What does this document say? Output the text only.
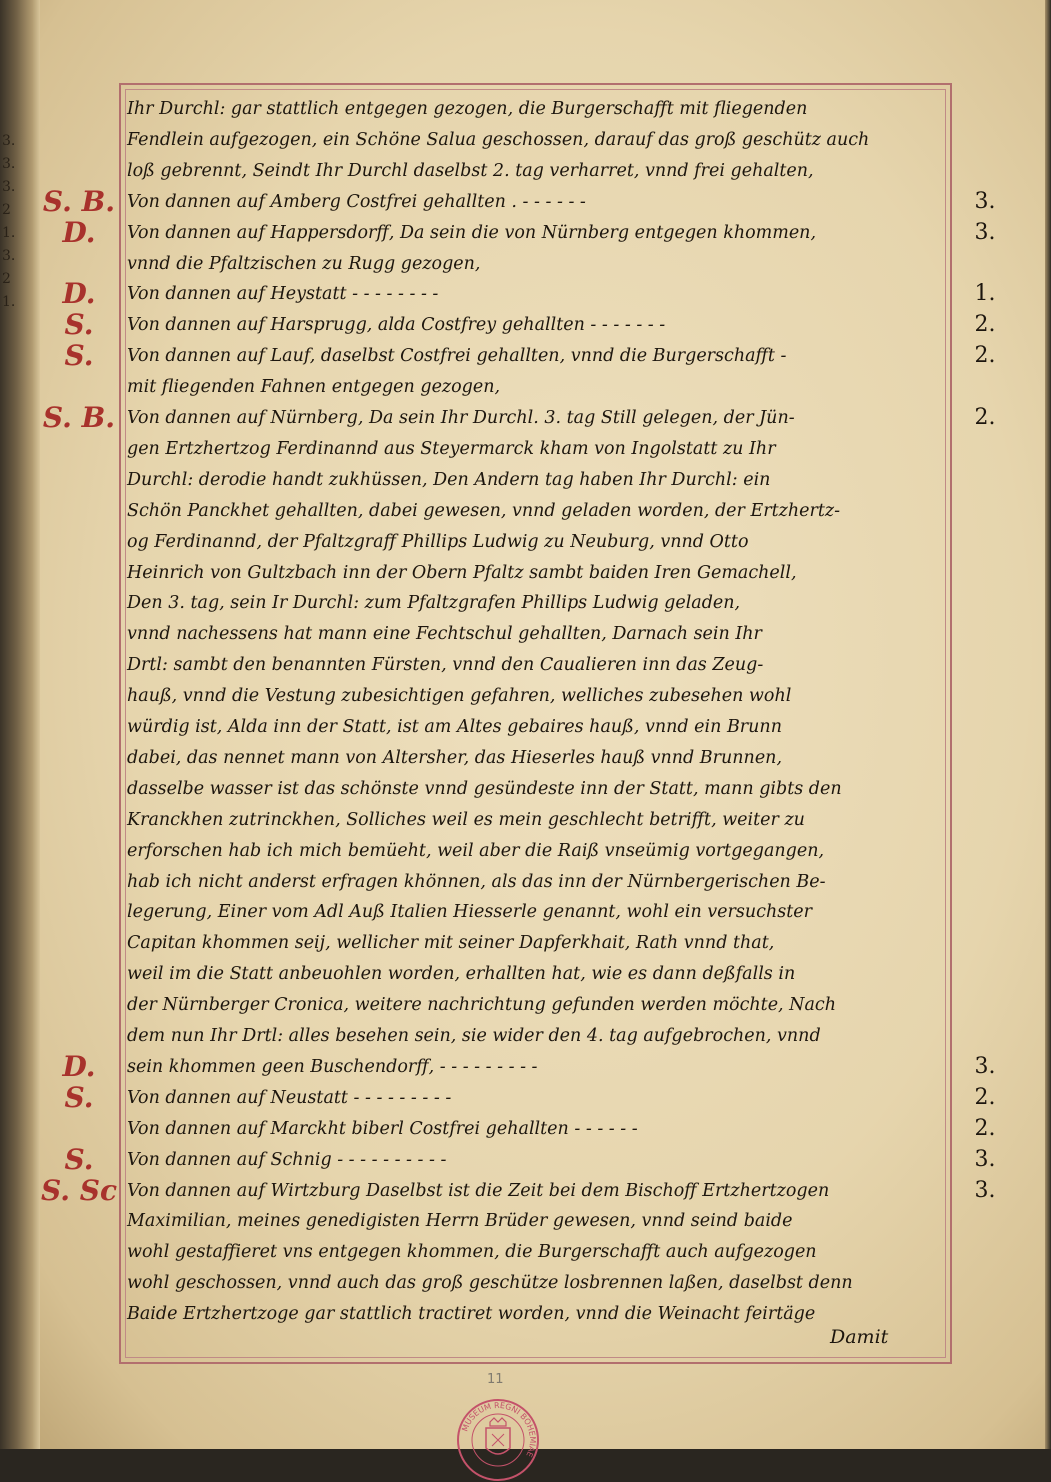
3.
3.
3.
2
1.
3.
2
1.
Ihr Durchl: gar stattlich entgegen gezogen, die Burgerschafft mit fliegenden
Fendlein aufgezogen, ein Schöne Salua geschossen, darauf das groß geschütz auch
loß gebrennt, Seindt Ihr Durchl daselbst 2. tag verharret, vnnd frei gehalten,
Von dannen auf Amberg Costfrei gehallten . - - - - - -
Von dannen auf Happersdorff, Da sein die von Nürnberg entgegen khommen,
vnnd die Pfaltzischen zu Rugg gezogen,
Von dannen auf Heystatt - - - - - - - -
Von dannen auf Harsprugg, alda Costfrey gehallten - - - - - - -
Von dannen auf Lauf, daselbst Costfrei gehallten, vnnd die Burgerschafft -
mit fliegenden Fahnen entgegen gezogen,
Von dannen auf Nürnberg, Da sein Ihr Durchl. 3. tag Still gelegen, der Jün-
gen Ertzhertzog Ferdinannd aus Steyermarck kham von Ingolstatt zu Ihr
Durchl: derodie handt zukhüssen, Den Andern tag haben Ihr Durchl: ein
Schön Panckhet gehallten, dabei gewesen, vnnd geladen worden, der Ertzhertz-
og Ferdinannd, der Pfaltzgraff Phillips Ludwig zu Neuburg, vnnd Otto
Heinrich von Gultzbach inn der Obern Pfaltz sambt baiden Iren Gemachell,
Den 3. tag, sein Ir Durchl: zum Pfaltzgrafen Phillips Ludwig geladen,
vnnd nachessens hat mann eine Fechtschul gehallten, Darnach sein Ihr
Drtl: sambt den benannten Fürsten, vnnd den Caualieren inn das Zeug-
hauß, vnnd die Vestung zubesichtigen gefahren, welliches zubesehen wohl
würdig ist, Alda inn der Statt, ist am Altes gebaires hauß, vnnd ein Brunn
dabei, das nennet mann von Altersher, das Hieserles hauß vnnd Brunnen,
dasselbe wasser ist das schönste vnnd gesündeste inn der Statt, mann gibts den
Kranckhen zutrinckhen, Solliches weil es mein geschlecht betrifft, weiter zu
erforschen hab ich mich bemüeht, weil aber die Raiß vnseümig vortgegangen,
hab ich nicht anderst erfragen khönnen, als das inn der Nürnbergerischen Be-
legerung, Einer vom Adl Auß Italien Hiesserle genannt, wohl ein versuchster
Capitan khommen seij, wellicher mit seiner Dapferkhait, Rath vnnd that,
weil im die Statt anbeuohlen worden, erhallten hat, wie es dann deßfalls in
der Nürnberger Cronica, weitere nachrichtung gefunden werden möchte, Nach
dem nun Ihr Drtl: alles besehen sein, sie wider den 4. tag aufgebrochen, vnnd
sein khommen geen Buschendorff, - - - - - - - - -
Von dannen auf Neustatt - - - - - - - - -
Von dannen auf Marckht biberl Costfrei gehallten - - - - - -
Von dannen auf Schnig - - - - - - - - - -
Von dannen auf Wirtzburg Daselbst ist die Zeit bei dem Bischoff Ertzhertzogen
Maximilian, meines genedigisten Herrn Brüder gewesen, vnnd seind baide
wohl gestaffieret vns entgegen khommen, die Burgerschafft auch aufgezogen
wohl geschossen, vnnd auch das groß geschütze losbrennen laßen, daselbst denn
Baide Ertzhertzoge gar stattlich tractiret worden, vnnd die Weinacht feirtäge
S. B.
D.
D.
S.
S.
S. B.
D.
S.
S.
S. Sc
3.
3.
1.
2.
2.
2.
3.
2.
2.
3.
3.
Damit
11
MUSEUM REGNI BOHEMIAE
